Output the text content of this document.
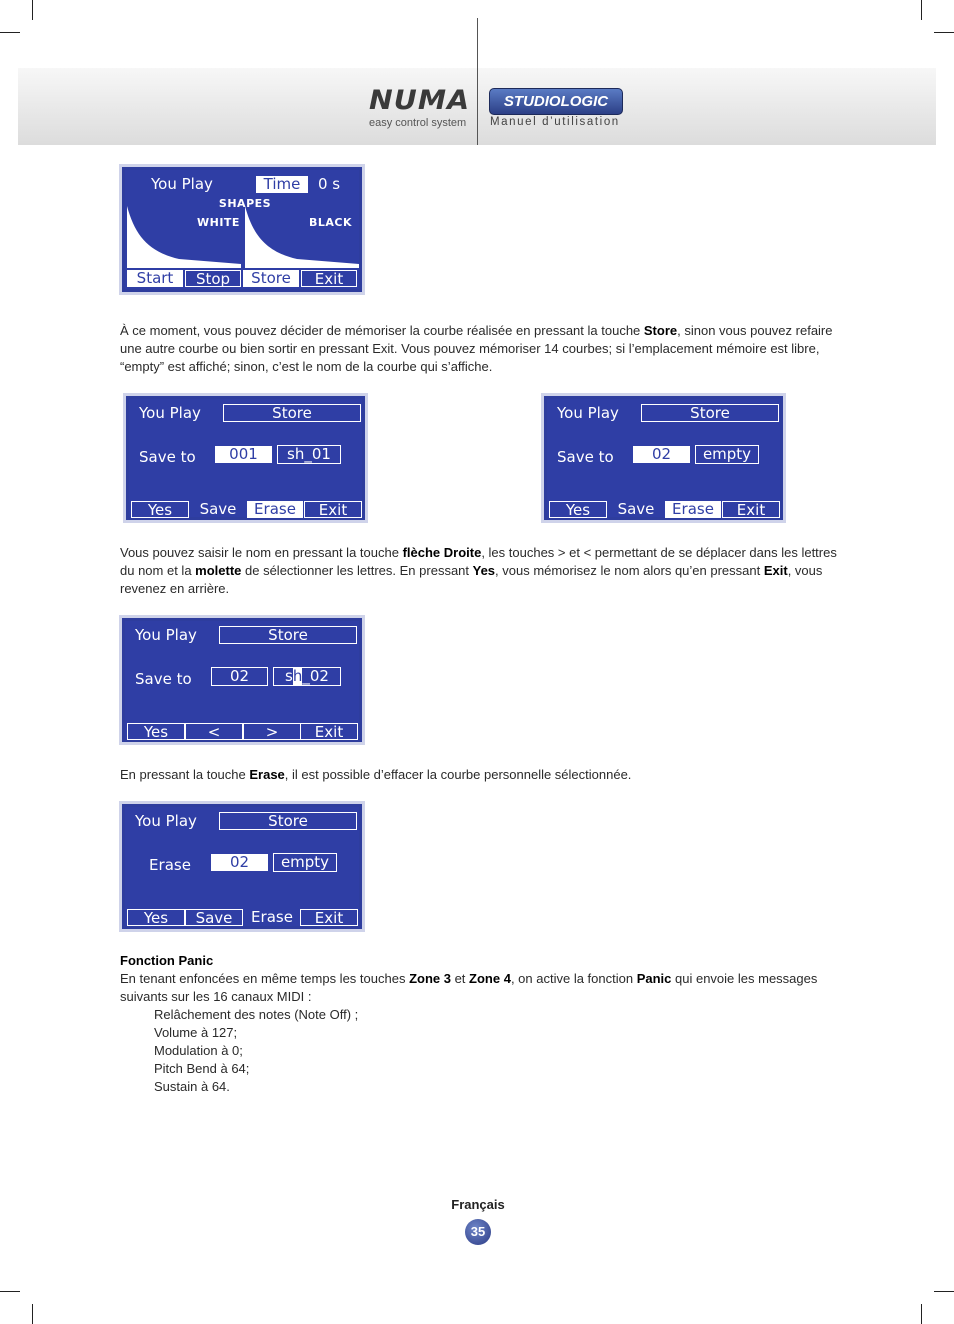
NUMA
easy control system
STUDIOLOGIC
Manuel d’utilisation
You Play	Time	0 s
SHAPES
WHITE	BLACK
Start	Stop	Store	Exit
À ce moment, vous pouvez décider de mémoriser la courbe réalisée en pressant la touche Store, sinon vous pouvez refaire une autre courbe ou bien sortir en pressant Exit. Vous pouvez mémoriser 14 courbes; si l’emplacement mémoire est libre, “empty” est affiché; sinon, c’est le nom de la courbe qui s’affiche.
You Play	Store
Save to	001	sh_01
Yes	Save	Erase	Exit
You Play	Store
Save to	02	empty
Yes	Save	Erase	Exit
Vous pouvez saisir le nom en pressant la touche flèche Droite, les touches > et < permettant de se déplacer dans les lettres du nom et la molette de sélectionner les lettres. En pressant Yes, vous mémorisez le nom alors qu’en pressant Exit, vous revenez en arrière.
You Play	Store
Save to	02	sh_02
Yes	<	>	Exit
En pressant la touche Erase, il est possible d’effacer la courbe personnelle sélectionnée.
You Play	Store
Erase	02	empty
Yes	Save	Erase	Exit
Fonction Panic
En tenant enfoncées en même temps les touches Zone 3 et Zone 4, on active la fonction Panic qui envoie les messages suivants sur les 16 canaux MIDI :
Relâchement des notes (Note Off) ;
Volume à 127;
Modulation à 0;
Pitch Bend à 64;
Sustain à 64.
Français
35
